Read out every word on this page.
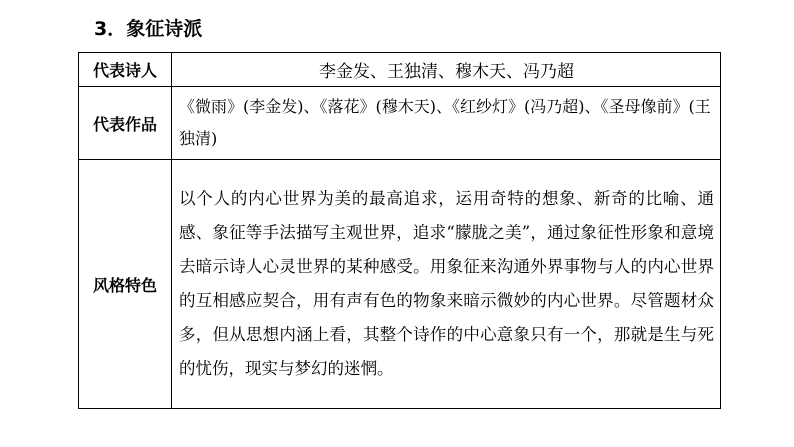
3．象征诗派
代表诗人	李金发、王独清、穆木天、冯乃超
代表作品	《微雨》(李金发)、《落花》(穆木天)、《红纱灯》(冯乃超)、《圣母像前》(王独清)
风格特色	以个人的内心世界为美的最高追求，运用奇特的想象、新奇的比喻、通感、象征等手法描写主观世界，追求“朦胧之美”，通过象征性形象和意境去暗示诗人心灵世界的某种感受。用象征来沟通外界事物与人的内心世界的互相感应契合，用有声有色的物象来暗示微妙的内心世界。尽管题材众多，但从思想内涵上看，其整个诗作的中心意象只有一个，那就是生与死的忧伤，现实与梦幻的迷惘。
